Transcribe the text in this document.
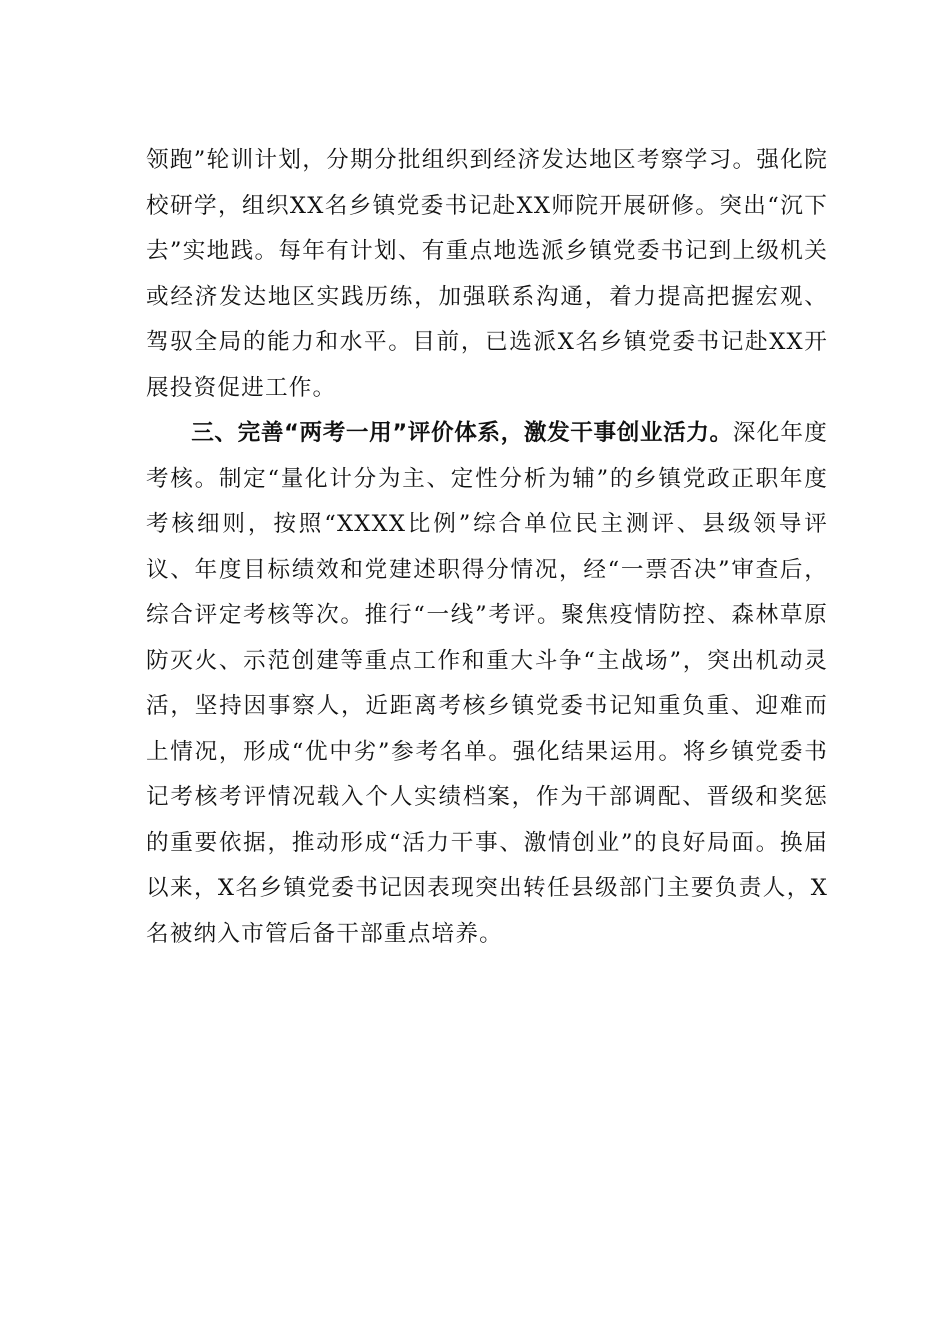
领跑”轮训计划，分期分批组织到经济发达地区考察学习。强化院校研学，组织XX名乡镇党委书记赴XX师院开展研修。突出“沉下去”实地践。每年有计划、有重点地选派乡镇党委书记到上级机关或经济发达地区实践历练，加强联系沟通，着力提高把握宏观、驾驭全局的能力和水平。目前，已选派X名乡镇党委书记赴XX开展投资促进工作。

三、完善“两考一用”评价体系，激发干事创业活力。深化年度考核。制定“量化计分为主、定性分析为辅”的乡镇党政正职年度考核细则，按照“XXXX比例”综合单位民主测评、县级领导评议、年度目标绩效和党建述职得分情况，经“一票否决”审查后，综合评定考核等次。推行“一线”考评。聚焦疫情防控、森林草原防灭火、示范创建等重点工作和重大斗争“主战场”，突出机动灵活，坚持因事察人，近距离考核乡镇党委书记知重负重、迎难而上情况，形成“优中劣”参考名单。强化结果运用。将乡镇党委书记考核考评情况载入个人实绩档案，作为干部调配、晋级和奖惩的重要依据，推动形成“活力干事、激情创业”的良好局面。换届以来，X名乡镇党委书记因表现突出转任县级部门主要负责人，X名被纳入市管后备干部重点培养。
